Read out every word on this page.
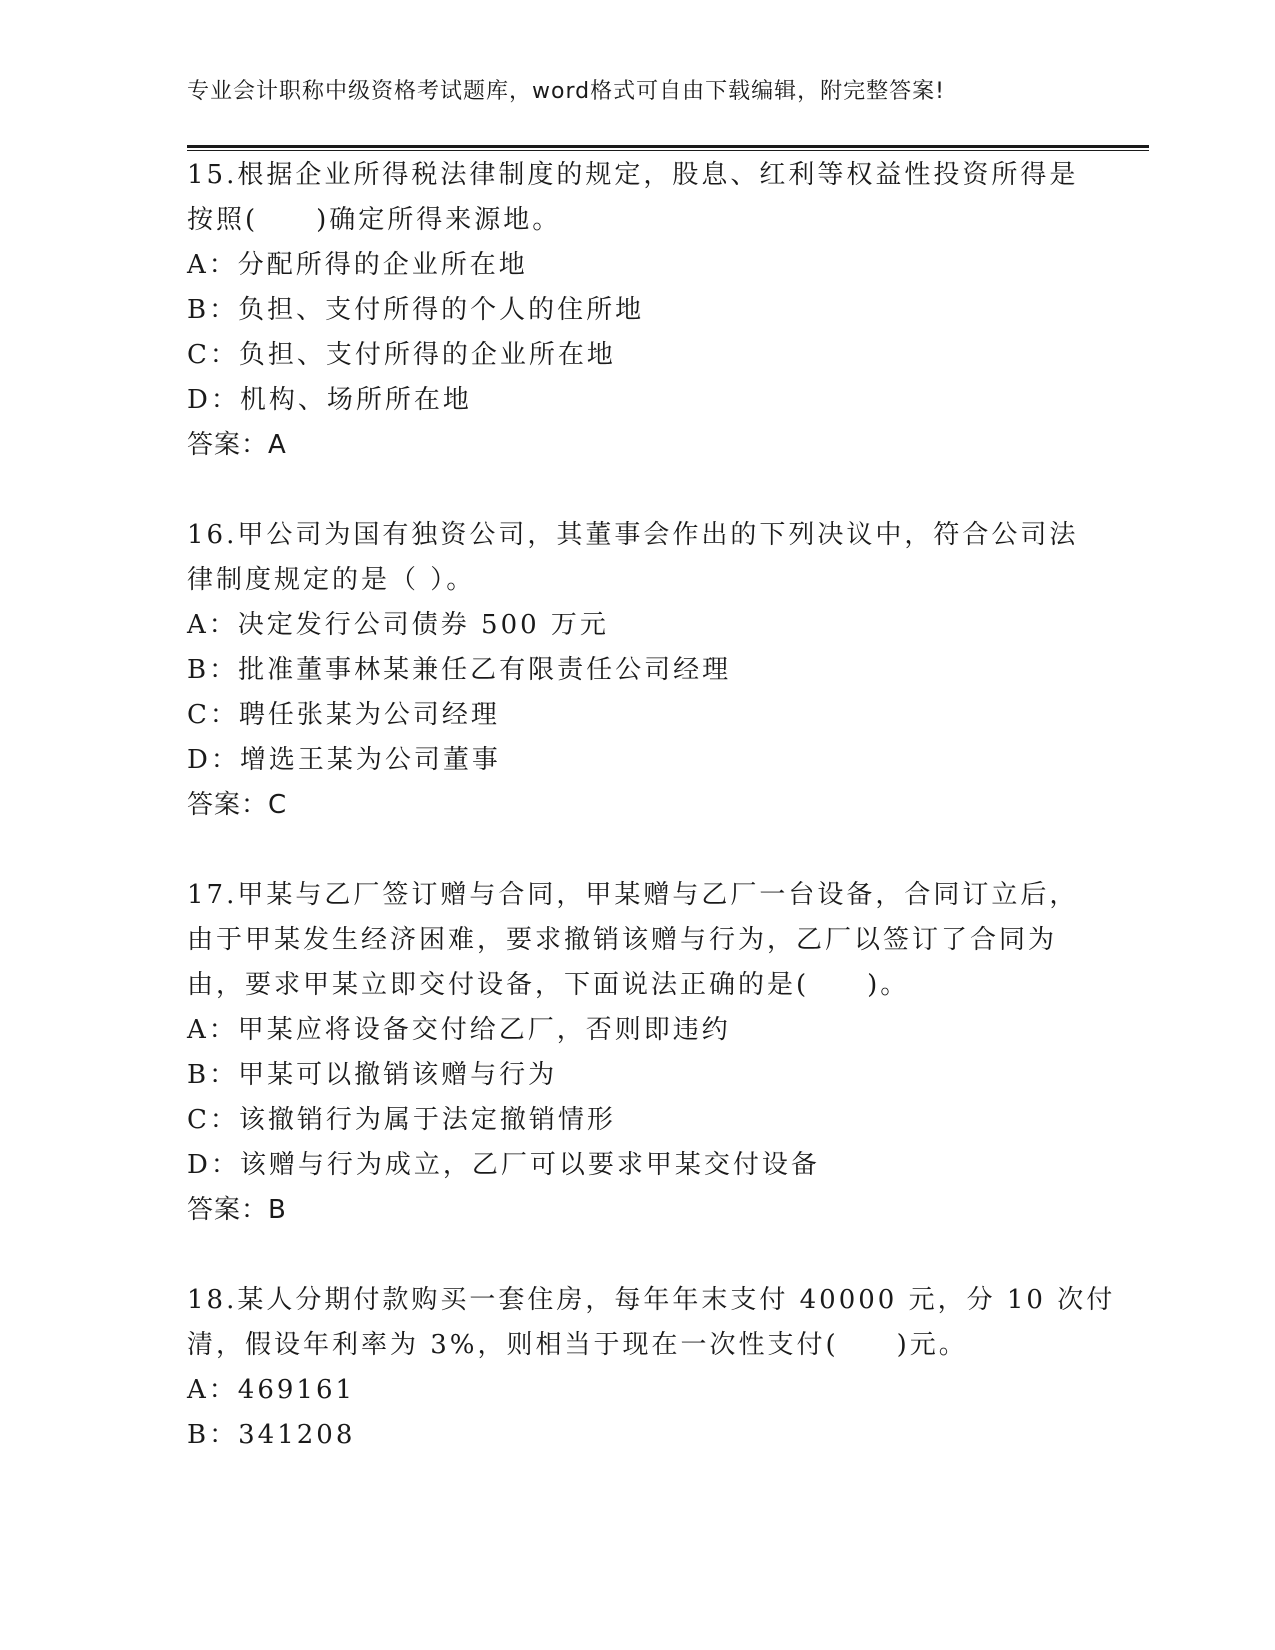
专业会计职称中级资格考试题库，word格式可自由下载编辑，附完整答案!

15.根据企业所得税法律制度的规定，股息、红利等权益性投资所得是

按照(　　)确定所得来源地。

A：分配所得的企业所在地

B：负担、支付所得的个人的住所地

C：负担、支付所得的企业所在地

D：机构、场所所在地

答案：A

16.甲公司为国有独资公司，其董事会作出的下列决议中，符合公司法

律制度规定的是（ ）。

A：决定发行公司债券 500 万元

B：批准董事林某兼任乙有限责任公司经理

C：聘任张某为公司经理

D：增选王某为公司董事

答案：C

17.甲某与乙厂签订赠与合同，甲某赠与乙厂一台设备，合同订立后，

由于甲某发生经济困难，要求撤销该赠与行为，乙厂以签订了合同为

由，要求甲某立即交付设备，下面说法正确的是(　　)。

A：甲某应将设备交付给乙厂，否则即违约

B：甲某可以撤销该赠与行为

C：该撤销行为属于法定撤销情形

D：该赠与行为成立，乙厂可以要求甲某交付设备

答案：B

18.某人分期付款购买一套住房，每年年末支付 40000 元，分 10 次付

清，假设年利率为 3%，则相当于现在一次性支付(　　)元。

A：469161

B：341208
